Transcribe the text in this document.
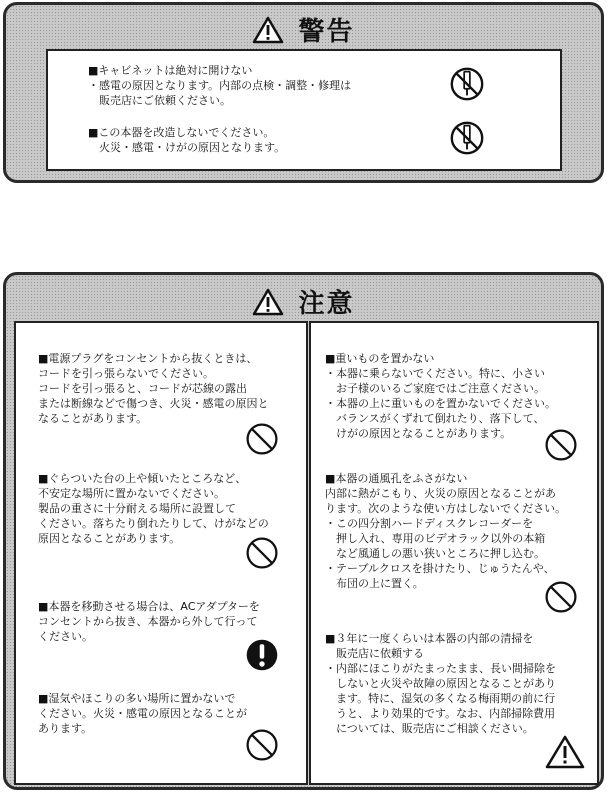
警告

■キャビネットは絶対に開けない

・感電の原因となります。内部の点検・調整・修理は

　販売店にご依頼ください。

■この本器を改造しないでください。

　火災・感電・けがの原因となります。

注意

■電源プラグをコンセントから抜くときは、

コードを引っ張らないでください。

コードを引っ張ると、コードが芯線の露出

または断線などで傷つき、火災・感電の原因と

なることがあります。

■ぐらついた台の上や傾いたところなど、

不安定な場所に置かないでください。

製品の重さに十分耐える場所に設置して

ください。落ちたり倒れたりして、けがなどの

原因となることがあります。

■本器を移動させる場合は、ACアダプターを

コンセントから抜き、本器から外して行って

ください。

■湿気やほこりの多い場所に置かないで

ください。火災・感電の原因となることが

あります。

■重いものを置かない

・本器に乗らないでください。特に、小さい

　お子様のいるご家庭ではご注意ください。

・本器の上に重いものを置かないでください。

　バランスがくずれて倒れたり、落下して、

　けがの原因となることがあります。

■本器の通風孔をふさがない

内部に熱がこもり、火災の原因となることがあ

ります。次のような使い方はしないでください。

・この四分割ハードディスクレコーダーを

　押し入れ、専用のビデオラック以外の本箱

　など風通しの悪い狭いところに押し込む。

・テーブルクロスを掛けたり、じゅうたんや、

　布団の上に置く。

■３年に一度くらいは本器の内部の清掃を

　販売店に依頼する

・内部にほこりがたまったまま、長い間掃除を

　しないと火災や故障の原因となることがあり

　ます。特に、湿気の多くなる梅雨期の前に行

　うと、より効果的です。なお、内部掃除費用

　については、販売店にご相談ください。
